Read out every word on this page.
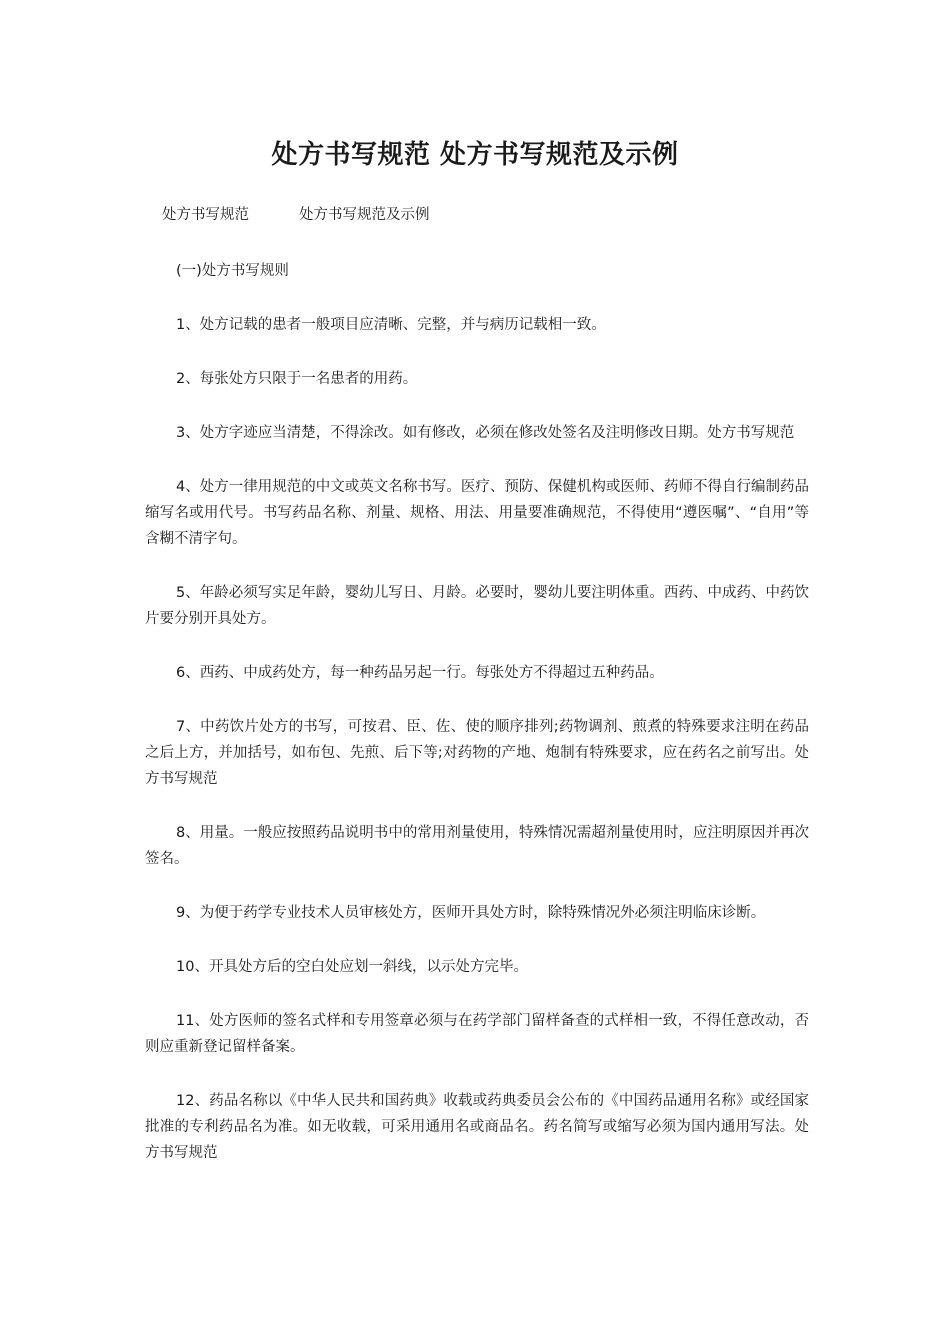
处方书写规范 处方书写规范及示例
处方书写规范	处方书写规范及示例

(一)处方书写规则

1、处方记载的患者一般项目应清晰、完整，并与病历记载相一致。

2、每张处方只限于一名患者的用药。

3、处方字迹应当清楚，不得涂改。如有修改，必须在修改处签名及注明修改日期。处方书写规范

4、处方一律用规范的中文或英文名称书写。医疗、预防、保健机构或医师、药师不得自行编制药品缩写名或用代号。书写药品名称、剂量、规格、用法、用量要准确规范，不得使用“遵医嘱”、“自用”等含糊不清字句。

5、年龄必须写实足年龄，婴幼儿写日、月龄。必要时，婴幼儿要注明体重。西药、中成药、中药饮片要分别开具处方。

6、西药、中成药处方，每一种药品另起一行。每张处方不得超过五种药品。

7、中药饮片处方的书写，可按君、臣、佐、使的顺序排列;药物调剂、煎煮的特殊要求注明在药品之后上方，并加括号，如布包、先煎、后下等;对药物的产地、炮制有特殊要求，应在药名之前写出。处方书写规范

8、用量。一般应按照药品说明书中的常用剂量使用，特殊情况需超剂量使用时，应注明原因并再次签名。

9、为便于药学专业技术人员审核处方，医师开具处方时，除特殊情况外必须注明临床诊断。

10、开具处方后的空白处应划一斜线，以示处方完毕。

11、处方医师的签名式样和专用签章必须与在药学部门留样备查的式样相一致，不得任意改动，否则应重新登记留样备案。

12、药品名称以《中华人民共和国药典》收载或药典委员会公布的《中国药品通用名称》或经国家批准的专利药品名为准。如无收载，可采用通用名或商品名。药名简写或缩写必须为国内通用写法。处方书写规范
